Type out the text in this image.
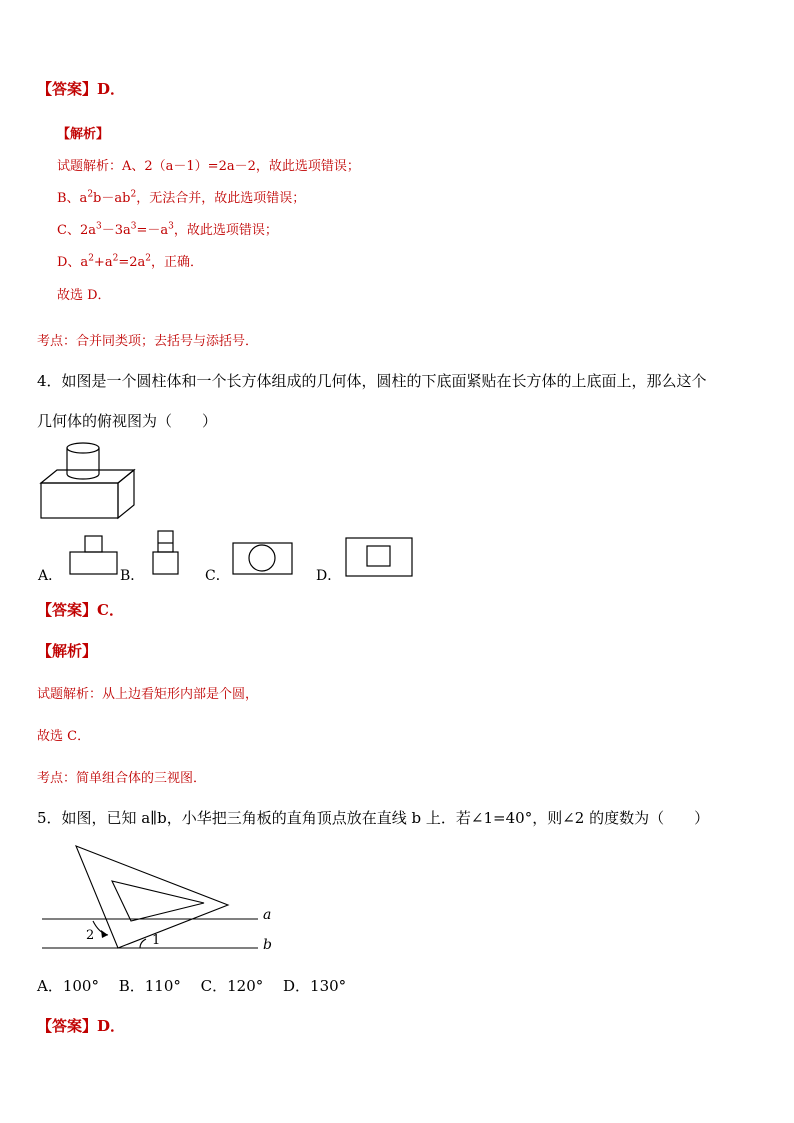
【答案】D．
【解析】
试题解析：A、2（a－1）=2a－2，故此选项错误；
B、$a^2b-ab^2$，无法合并，故此选项错误；
C、$2a^3-3a^3=-a^3$，故此选项错误；
D、$a^2+a^2=2a^2$，正确．
故选 D．
考点：合并同类项；去括号与添括号．
4．如图是一个圆柱体和一个长方体组成的几何体，圆柱的下底面紧贴在长方体的上底面上，那么这个
几何体的俯视图为（　　）
A．	B．	C．	D．
【答案】C．
【解析】
试题解析：从上边看矩形内部是个圆，
故选 C．
考点：简单组合体的三视图．
5．如图，已知 a∥b，小华把三角板的直角顶点放在直线 b 上．若∠1=40°，则∠2 的度数为（　　）
a
b
2	1
A．100°　 B．110°　 C．120°　 D．130°
【答案】D．
